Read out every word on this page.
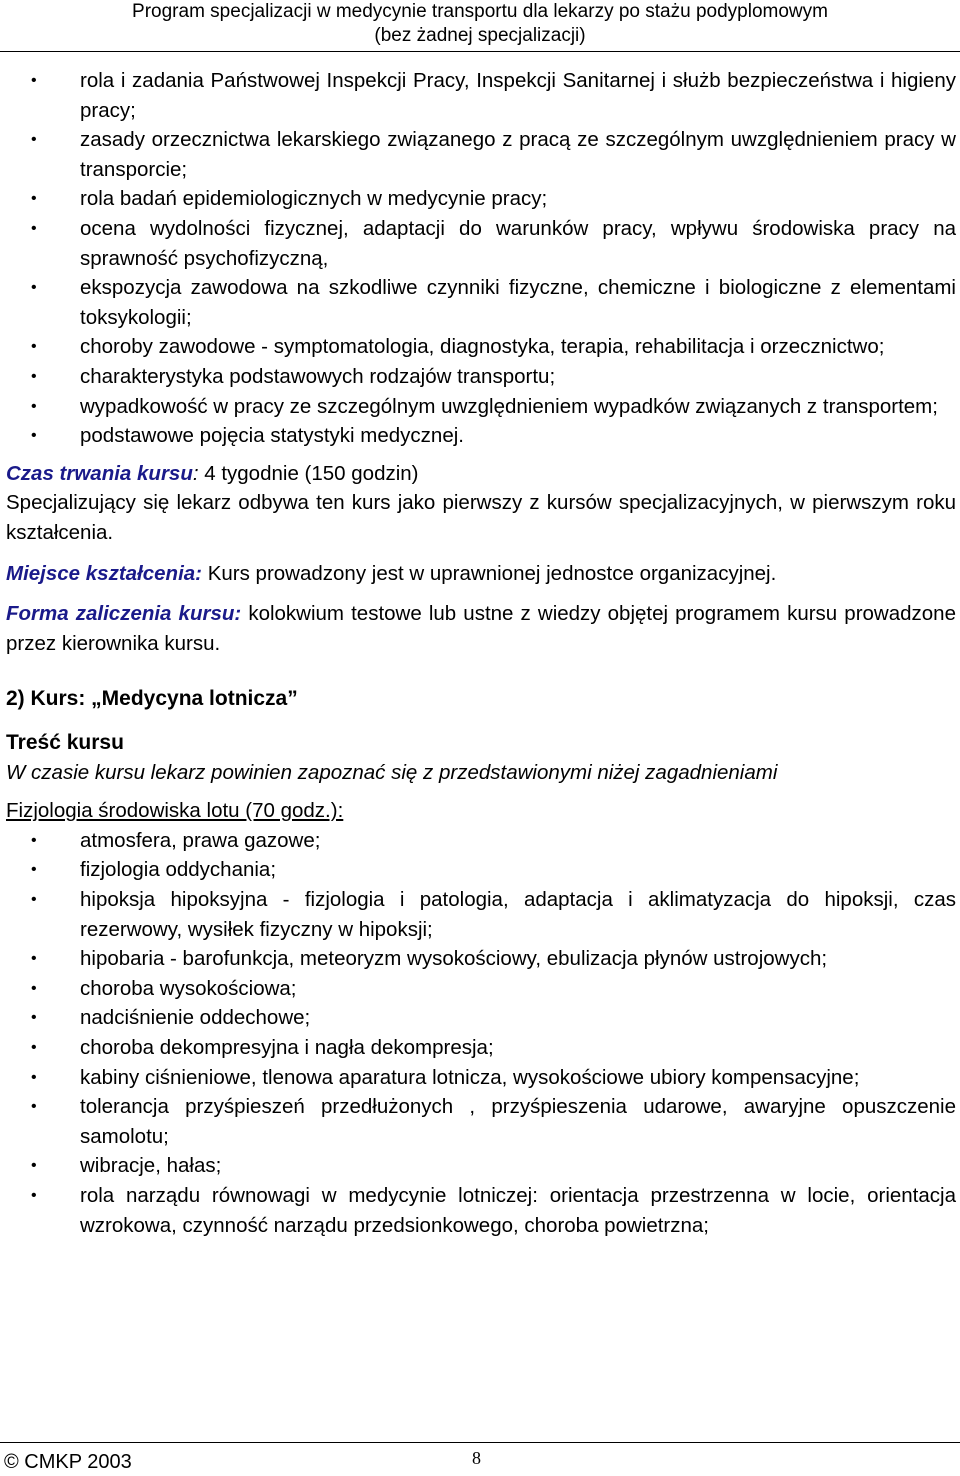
Program specjalizacji w medycynie transportu dla lekarzy po stażu podyplomowym
(bez żadnej specjalizacji)
• rola i zadania Państwowej Inspekcji Pracy, Inspekcji Sanitarnej i służb bezpieczeństwa i higieny pracy;
• zasady orzecznictwa lekarskiego związanego z pracą ze szczególnym uwzględnieniem pracy w transporcie;
• rola badań epidemiologicznych w medycynie pracy;
• ocena wydolności fizycznej, adaptacji do warunków pracy, wpływu środowiska pracy na sprawność psychofizyczną,
• ekspozycja zawodowa na szkodliwe czynniki fizyczne, chemiczne i biologiczne z elementami toksykologii;
• choroby zawodowe - symptomatologia, diagnostyka, terapia, rehabilitacja i orzecznictwo;
• charakterystyka podstawowych rodzajów transportu;
• wypadkowość w pracy ze szczególnym uwzględnieniem wypadków związanych z transportem;
• podstawowe pojęcia statystyki medycznej.
Czas trwania kursu: 4 tygodnie (150 godzin)
Specjalizujący się lekarz odbywa ten kurs jako pierwszy z kursów specjalizacyjnych, w pierwszym roku kształcenia.
Miejsce kształcenia: Kurs prowadzony jest w uprawnionej jednostce organizacyjnej.
Forma zaliczenia kursu: kolokwium testowe lub ustne z wiedzy objętej programem kursu prowadzone przez kierownika kursu.
2) Kurs: „Medycyna lotnicza”
Treść kursu
W czasie kursu lekarz powinien zapoznać się z przedstawionymi niżej zagadnieniami
Fizjologia środowiska lotu (70 godz.):
• atmosfera, prawa gazowe;
• fizjologia oddychania;
• hipoksja hipoksyjna - fizjologia i patologia, adaptacja i aklimatyzacja do hipoksji, czas rezerwowy, wysiłek fizyczny w hipoksji;
• hipobaria - barofunkcja, meteoryzm wysokościowy, ebulizacja płynów ustrojowych;
• choroba wysokościowa;
• nadciśnienie oddechowe;
• choroba dekompresyjna i nagła dekompresja;
• kabiny ciśnieniowe, tlenowa aparatura lotnicza, wysokościowe ubiory kompensacyjne;
• tolerancja przyśpieszeń przedłużonych , przyśpieszenia udarowe, awaryjne opuszczenie samolotu;
• wibracje, hałas;
• rola narządu równowagi w medycynie lotniczej: orientacja przestrzenna w locie, orientacja wzrokowa, czynność narządu przedsionkowego, choroba powietrzna;
© CMKP 2003	8
